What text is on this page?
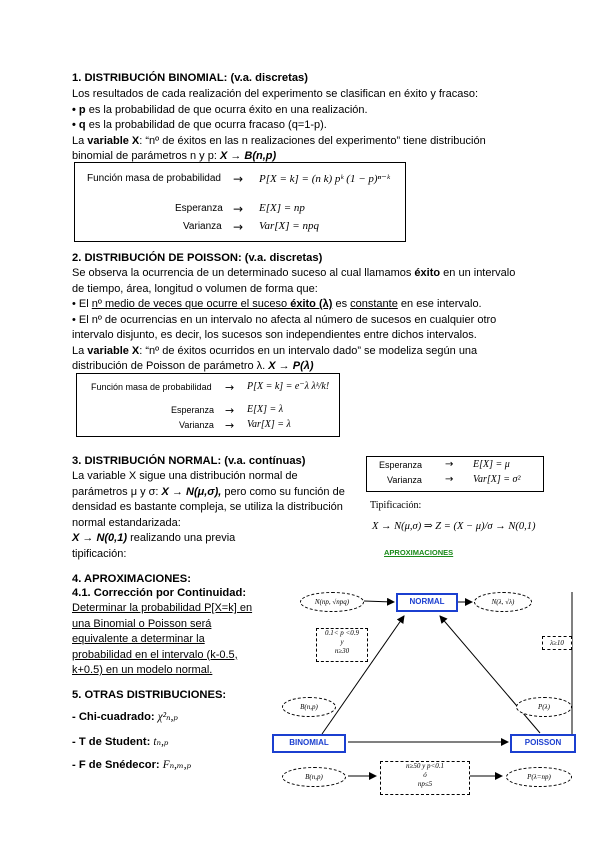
1. DISTRIBUCIÓN BINOMIAL: (v.a. discretas)
Los resultados de cada realización del experimento se clasifican en éxito y fracaso:
• p es la probabilidad de que ocurra éxito en una realización.
• q es la probabilidad de que ocurra fracaso (q=1-p).
La variable X: “nº de éxitos en las n realizaciones del experimento” tiene distribución
binomial de parámetros n y p: X → B(n,p)
Función masa de probabilidad → P[X = k] = (n k) pᵏ (1 − p)ⁿ⁻ᵏ
Esperanza → E[X] = np
Varianza → Var[X] = npq
2. DISTRIBUCIÓN DE POISSON: (v.a. discretas)
Se observa la ocurrencia de un determinado suceso al cual llamamos éxito en un intervalo
de tiempo, área, longitud o volumen de forma que:
• El nº medio de veces que ocurre el suceso éxito (λ) es constante en ese intervalo.
• El nº de ocurrencias en un intervalo no afecta al número de sucesos en cualquier otro
intervalo disjunto, es decir, los sucesos son independientes entre dichos intervalos.
La variable X: “nº de éxitos ocurridos en un intervalo dado” se modeliza según una
distribución de Poisson de parámetro λ. X → P(λ)
Función masa de probabilidad → P[X = k] = e⁻λ λᵏ/k!
Esperanza → E[X] = λ
Varianza → Var[X] = λ
3. DISTRIBUCIÓN NORMAL: (v.a. contínuas)
La variable X sigue una distribución normal de
parámetros μ y σ: X → N(μ,σ), pero como su función de
densidad es bastante compleja, se utiliza la distribución
normal estandarizada:
X → N(0,1) realizando una previa
tipificación:
Esperanza → E[X] = μ
Varianza → Var[X] = σ²
Tipificación:
X → N(μ,σ) ⇒ Z = (X − μ)/σ → N(0,1)
4. APROXIMACIONES:
4.1. Corrección por Continuidad:
Determinar la probabilidad P[X=k] en
una Binomial o Poisson será
equivalente a determinar la
probabilidad en el intervalo (k-0.5,
k+0.5) en un modelo normal.
5. OTRAS DISTRIBUCIONES:
- Chi-cuadrado: χ²ₙ,ₚ
- T de Student: tₙ,ₚ
- F de Snédecor: Fₙ,ₘ,ₚ
APROXIMACIONES
NORMAL
BINOMIAL	POISSON
N(np, √npq)	N(λ, √λ)
B(n,p)
B(n,p)
P(λ)
P(λ=np)
0.1< p <0.9
y
n≥30
λ≥10
n≥50 y p<0.1
ó
np≤5
